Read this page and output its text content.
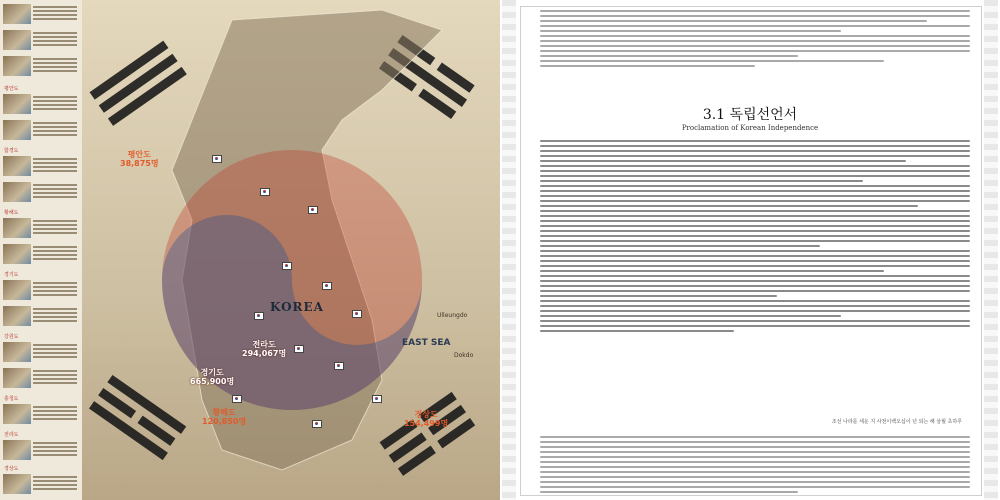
평안도
함경도
황해도
경기도
강원도
충청도
전라도
경상도
KOREA
EAST SEA
Ulleungdo
Dokdo
평안도
38,875명
경기도
665,900명
전라도
294,067명
경상도
154,499명
황해도
120,850명
3.1 독립선언서
Proclamation of Korean Independence
조선 나라를 세운 지 사천이백오십이 년 되는 해 삼월 초하루
